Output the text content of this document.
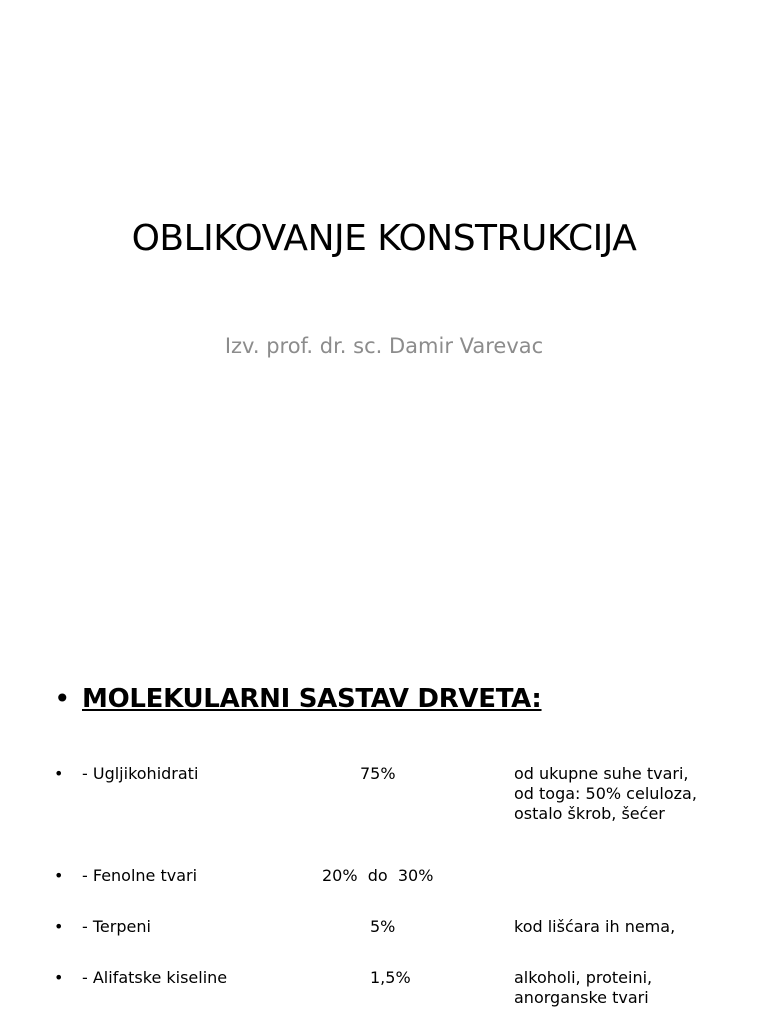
OBLIKOVANJE KONSTRUKCIJA
Izv. prof. dr. sc. Damir Varevac
• MOLEKULARNI SASTAV DRVETA:
• - Ugljikohidrati	75%	od ukupne suhe tvari,
od toga: 50% celuloza,
ostalo škrob, šećer
• - Fenolne tvari	20%  do  30%
• - Terpeni	5%	kod lišćara ih nema,
• - Alifatske kiseline	1,5%	alkoholi, proteini,
anorganske tvari
